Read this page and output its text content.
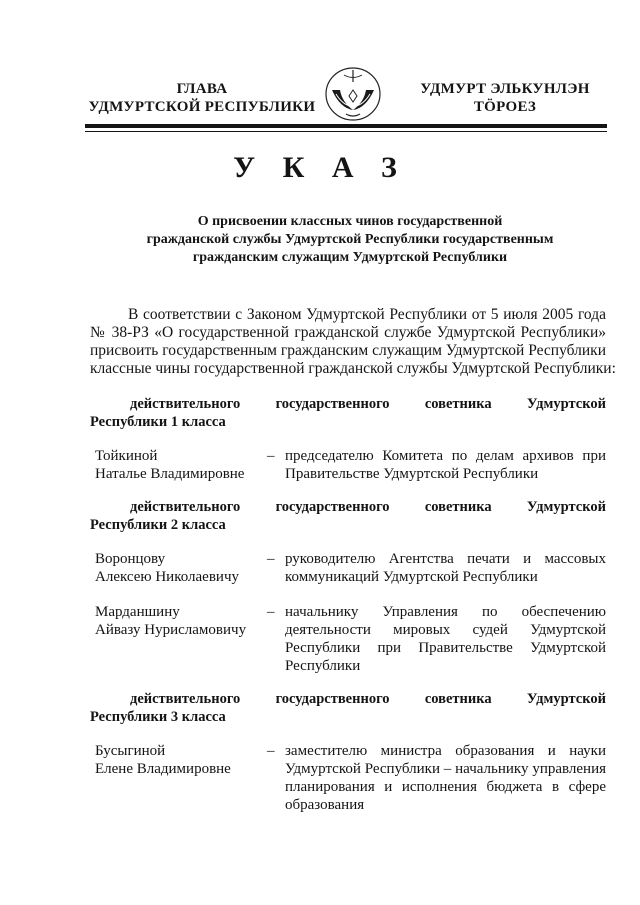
ГЛАВА
УДМУРТСКОЙ РЕСПУБЛИКИ
УДМУРТ ЭЛЬКУНЛЭН
ТӦРОЕЗ
У К А З
О присвоении классных чинов государственной
гражданской службы Удмуртской Республики государственным
гражданским служащим Удмуртской Республики
В соответствии с Законом Удмуртской Республики от 5 июля 2005 года
№ 38-РЗ «О государственной гражданской службе Удмуртской Республики»
присвоить государственным гражданским служащим Удмуртской Республики
классные чины государственной гражданской службы Удмуртской Республики:
действительного государственного советника Удмуртской
Республики 1 класса
Тойкиной
Наталье Владимировне
– председателю Комитета по делам архивов при
Правительстве Удмуртской Республики
действительного государственного советника Удмуртской
Республики 2 класса
Воронцову
Алексею Николаевичу
– руководителю Агентства печати и массовых
коммуникаций Удмуртской Республики
Марданшину
Айвазу Нурисламовичу
– начальнику Управления по обеспечению
деятельности мировых судей Удмуртской
Республики при Правительстве Удмуртской
Республики
действительного государственного советника Удмуртской
Республики 3 класса
Бусыгиной
Елене Владимировне
– заместителю министра образования и науки
Удмуртской Республики – начальнику управления
планирования и исполнения бюджета в сфере
образования
